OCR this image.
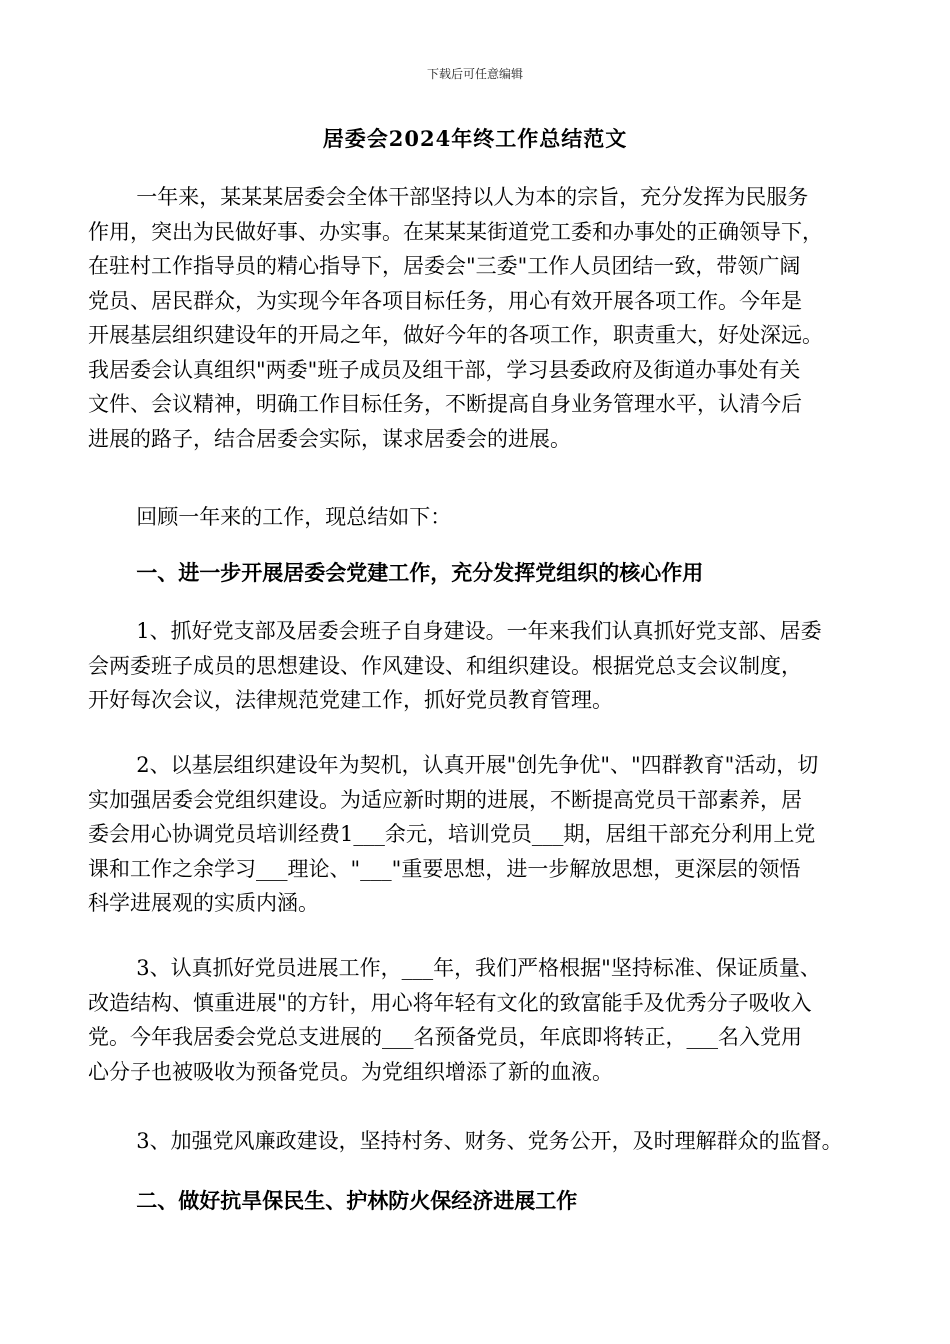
下载后可任意编辑
居委会2024年终工作总结范文
一年来，某某某居委会全体干部坚持以人为本的宗旨，充分发挥为民服务
作用，突出为民做好事、办实事。在某某某街道党工委和办事处的正确领导下，
在驻村工作指导员的精心指导下，居委会"三委"工作人员团结一致，带领广阔
党员、居民群众，为实现今年各项目标任务，用心有效开展各项工作。今年是
开展基层组织建设年的开局之年，做好今年的各项工作，职责重大，好处深远。
我居委会认真组织"两委"班子成员及组干部，学习县委政府及街道办事处有关
文件、会议精神，明确工作目标任务，不断提高自身业务管理水平，认清今后
进展的路子，结合居委会实际，谋求居委会的进展。
回顾一年来的工作，现总结如下：
一、进一步开展居委会党建工作，充分发挥党组织的核心作用
1、抓好党支部及居委会班子自身建设。一年来我们认真抓好党支部、居委
会两委班子成员的思想建设、作风建设、和组织建设。根据党总支会议制度，
开好每次会议，法律规范党建工作，抓好党员教育管理。
2、以基层组织建设年为契机，认真开展"创先争优"、"四群教育"活动，切
实加强居委会党组织建设。为适应新时期的进展，不断提高党员干部素养，居
委会用心协调党员培训经费1___余元，培训党员___期，居组干部充分利用上党
课和工作之余学习___理论、"___"重要思想，进一步解放思想，更深层的领悟
科学进展观的实质内涵。
3、认真抓好党员进展工作，___年，我们严格根据"坚持标准、保证质量、
改造结构、慎重进展"的方针，用心将年轻有文化的致富能手及优秀分子吸收入
党。今年我居委会党总支进展的___名预备党员，年底即将转正，___名入党用
心分子也被吸收为预备党员。为党组织增添了新的血液。
3、加强党风廉政建设，坚持村务、财务、党务公开，及时理解群众的监督。
二、做好抗旱保民生、护林防火保经济进展工作
